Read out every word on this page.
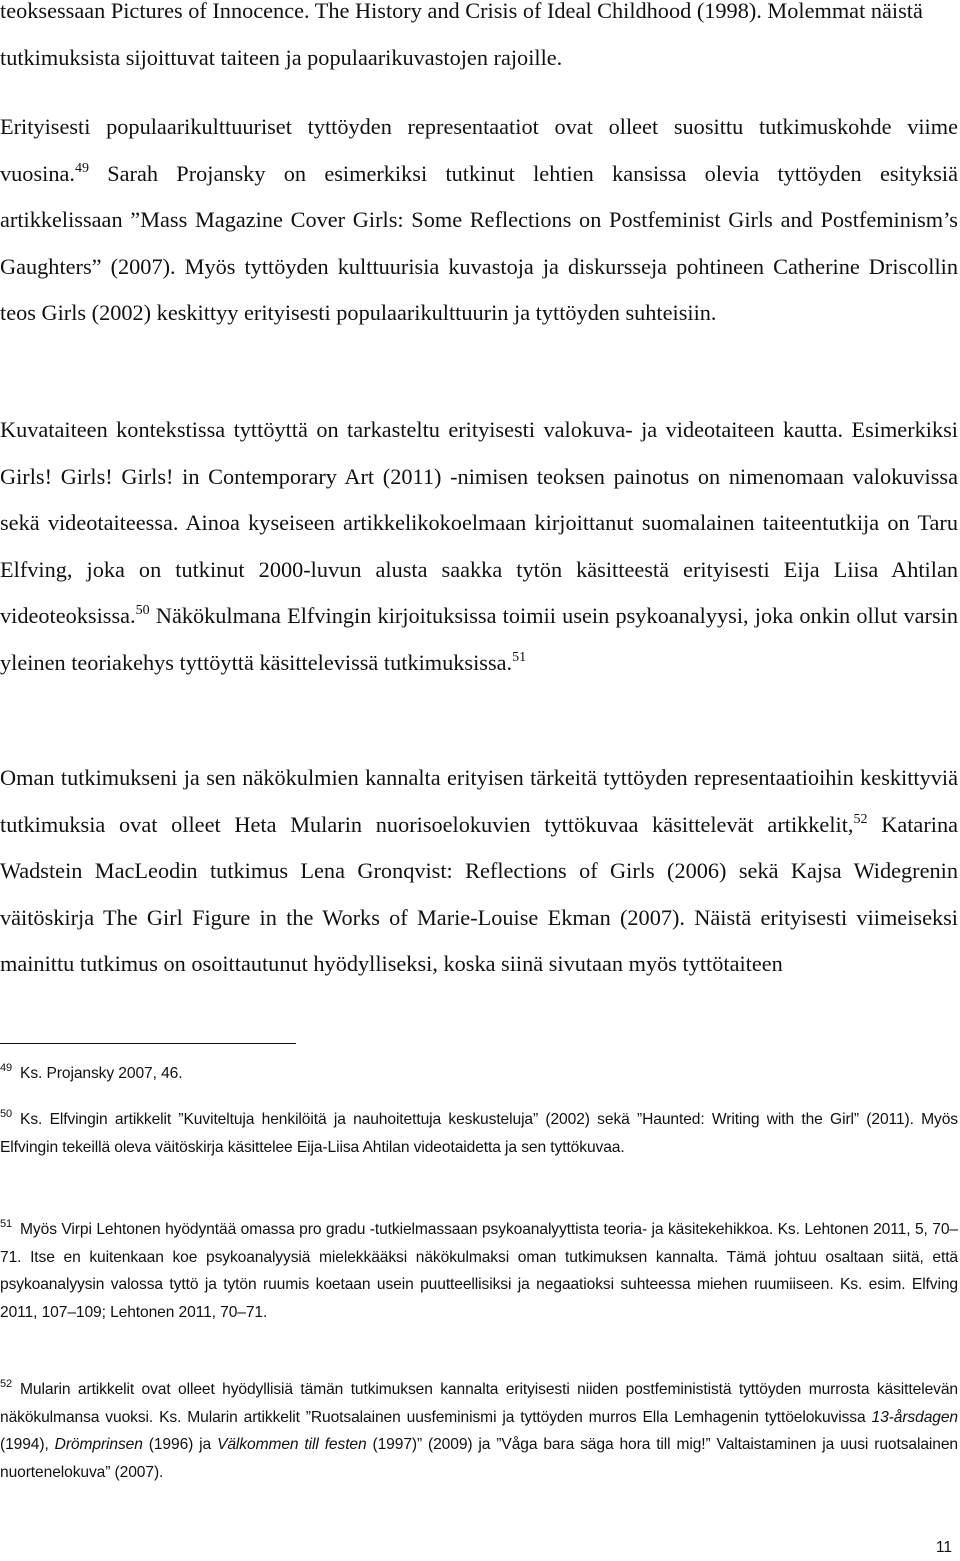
teoksessaan Pictures of Innocence. The History and Crisis of Ideal Childhood (1998). Molemmat näistä tutkimuksista sijoittuvat taiteen ja populaarikuvastojen rajoille.

Erityisesti populaarikulttuuriset tyttöyden representaatiot ovat olleet suosittu tutkimuskohde viime vuosina.$^{49}$ Sarah Projansky on esimerkiksi tutkinut lehtien kansissa olevia tyttöyden esityksiä artikkelissaan ”Mass Magazine Cover Girls: Some Reflections on Postfeminist Girls and Postfeminism’s Gaughters” (2007). Myös tyttöyden kulttuurisia kuvastoja ja diskursseja pohtineen Catherine Driscollin teos Girls (2002) keskittyy erityisesti populaarikulttuurin ja tyttöyden suhteisiin.

Kuvataiteen kontekstissa tyttöyttä on tarkasteltu erityisesti valokuva- ja videotaiteen kautta. Esimerkiksi Girls! Girls! Girls! in Contemporary Art (2011) -nimisen teoksen painotus on nimenomaan valokuvissa sekä videotaiteessa. Ainoa kyseiseen artikkelikokoelmaan kirjoittanut suomalainen taiteentutkija on Taru Elfving, joka on tutkinut 2000-luvun alusta saakka tytön käsitteestä erityisesti Eija Liisa Ahtilan videoteoksissa.$^{50}$ Näkökulmana Elfvingin kirjoituksissa toimii usein psykoanalyysi, joka onkin ollut varsin yleinen teoriakehys tyttöyttä käsittelevissä tutkimuksissa.$^{51}$

Oman tutkimukseni ja sen näkökulmien kannalta erityisen tärkeitä tyttöyden representaatioihin keskittyviä tutkimuksia ovat olleet Heta Mularin nuorisoelokuvien tyttökuvaa käsittelevät artikkelit,$^{52}$ Katarina Wadstein MacLeodin tutkimus Lena Gronqvist: Reflections of Girls (2006) sekä Kajsa Widegrenin väitöskirja The Girl Figure in the Works of Marie-Louise Ekman (2007). Näistä erityisesti viimeiseksi mainittu tutkimus on osoittautunut hyödylliseksi, koska siinä sivutaan myös tyttötaiteen

$^{49}$ Ks. Projansky 2007, 46.

$^{50}$ Ks. Elfvingin artikkelit ”Kuviteltuja henkilöitä ja nauhoitettuja keskusteluja” (2002) sekä ”Haunted: Writing with the Girl” (2011). Myös Elfvingin tekeillä oleva väitöskirja käsittelee Eija-Liisa Ahtilan videotaidetta ja sen tyttökuvaa.

$^{51}$ Myös Virpi Lehtonen hyödyntää omassa pro gradu -tutkielmassaan psykoanalyyttista teoria- ja käsitekehikkoa. Ks. Lehtonen 2011, 5, 70–71. Itse en kuitenkaan koe psykoanalyysiä mielekkääksi näkökulmaksi oman tutkimuksen kannalta. Tämä johtuu osaltaan siitä, että psykoanalyysin valossa tyttö ja tytön ruumis koetaan usein puutteellisiksi ja negaatioksi suhteessa miehen ruumiiseen. Ks. esim. Elfving 2011, 107–109; Lehtonen 2011, 70–71.

$^{52}$ Mularin artikkelit ovat olleet hyödyllisiä tämän tutkimuksen kannalta erityisesti niiden postfeminististä tyttöyden murrosta käsittelevän näkökulmansa vuoksi. Ks. Mularin artikkelit ”Ruotsalainen uusfeminismi ja tyttöyden murros Ella Lemhagenin tyttöelokuvissa 13-årsdagen (1994), Drömprinsen (1996) ja Välkommen till festen (1997)” (2009) ja ”Våga bara säga hora till mig!” Valtaistaminen ja uusi ruotsalainen nuortenelokuva” (2007).

11
